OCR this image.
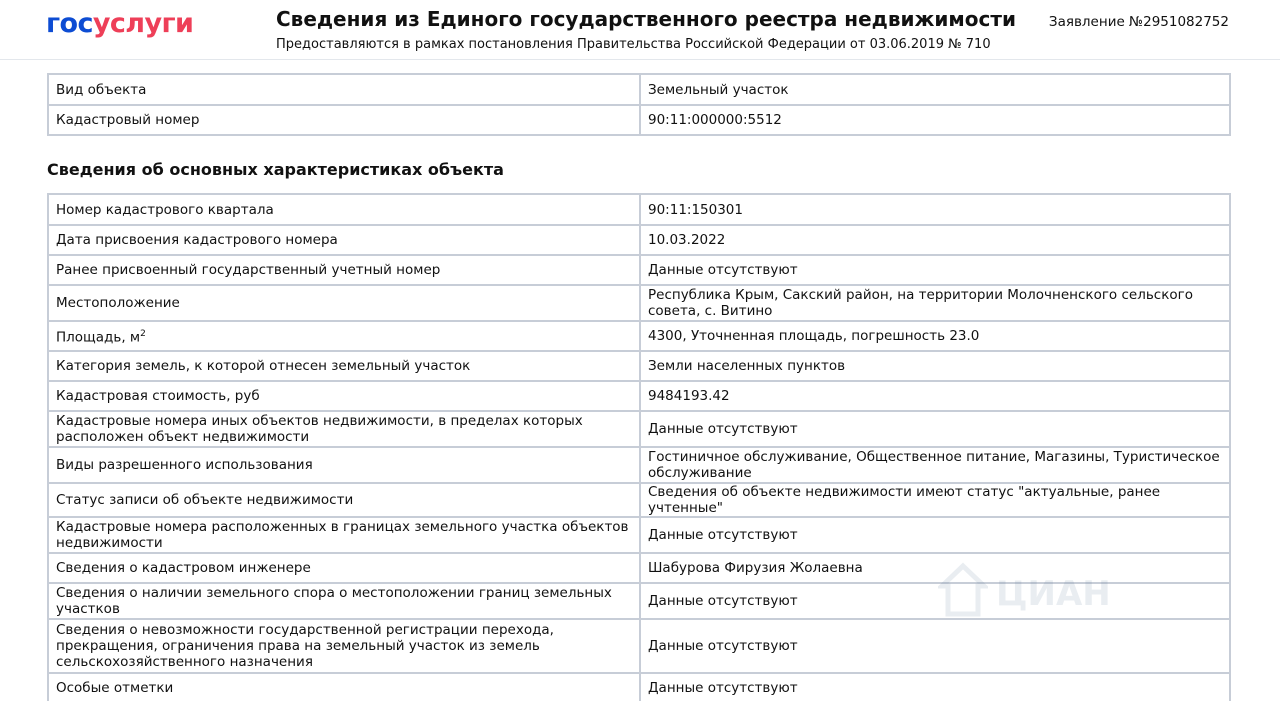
госуслуги	Сведения из Единого государственного реестра недвижимости
Предоставляются в рамках постановления Правительства Российской Федерации от 03.06.2019 № 710
Заявление №2951082752
Вид объекта	Земельный участок
Кадастровый номер	90:11:000000:5512
Сведения об основных характеристиках объекта
Номер кадастрового квартала	90:11:150301
Дата присвоения кадастрового номера	10.03.2022
Ранее присвоенный государственный учетный номер	Данные отсутствуют
Местоположение	Республика Крым, Сакский район, на территории Молочненского сельского совета, с. Витино
Площадь, $м^2$	4300, Уточненная площадь, погрешность 23.0
Категория земель, к которой отнесен земельный участок	Земли населенных пунктов
Кадастровая стоимость, руб	9484193.42
Кадастровые номера иных объектов недвижимости, в пределах которых расположен объект недвижимости	Данные отсутствуют
Виды разрешенного использования	Гостиничное обслуживание, Общественное питание, Магазины, Туристическое обслуживание
Статус записи об объекте недвижимости	Сведения об объекте недвижимости имеют статус "актуальные, ранее учтенные"
Кадастровые номера расположенных в границах земельного участка объектов недвижимости	Данные отсутствуют
Сведения о кадастровом инженере	Шабурова Фирузия Жолаевна
Сведения о наличии земельного спора о местоположении границ земельных участков	Данные отсутствуют
Сведения о невозможности государственной регистрации перехода, прекращения, ограничения права на земельный участок из земель сельскохозяйственного назначения	Данные отсутствуют
Особые отметки	Данные отсутствуют
ЦИАН
